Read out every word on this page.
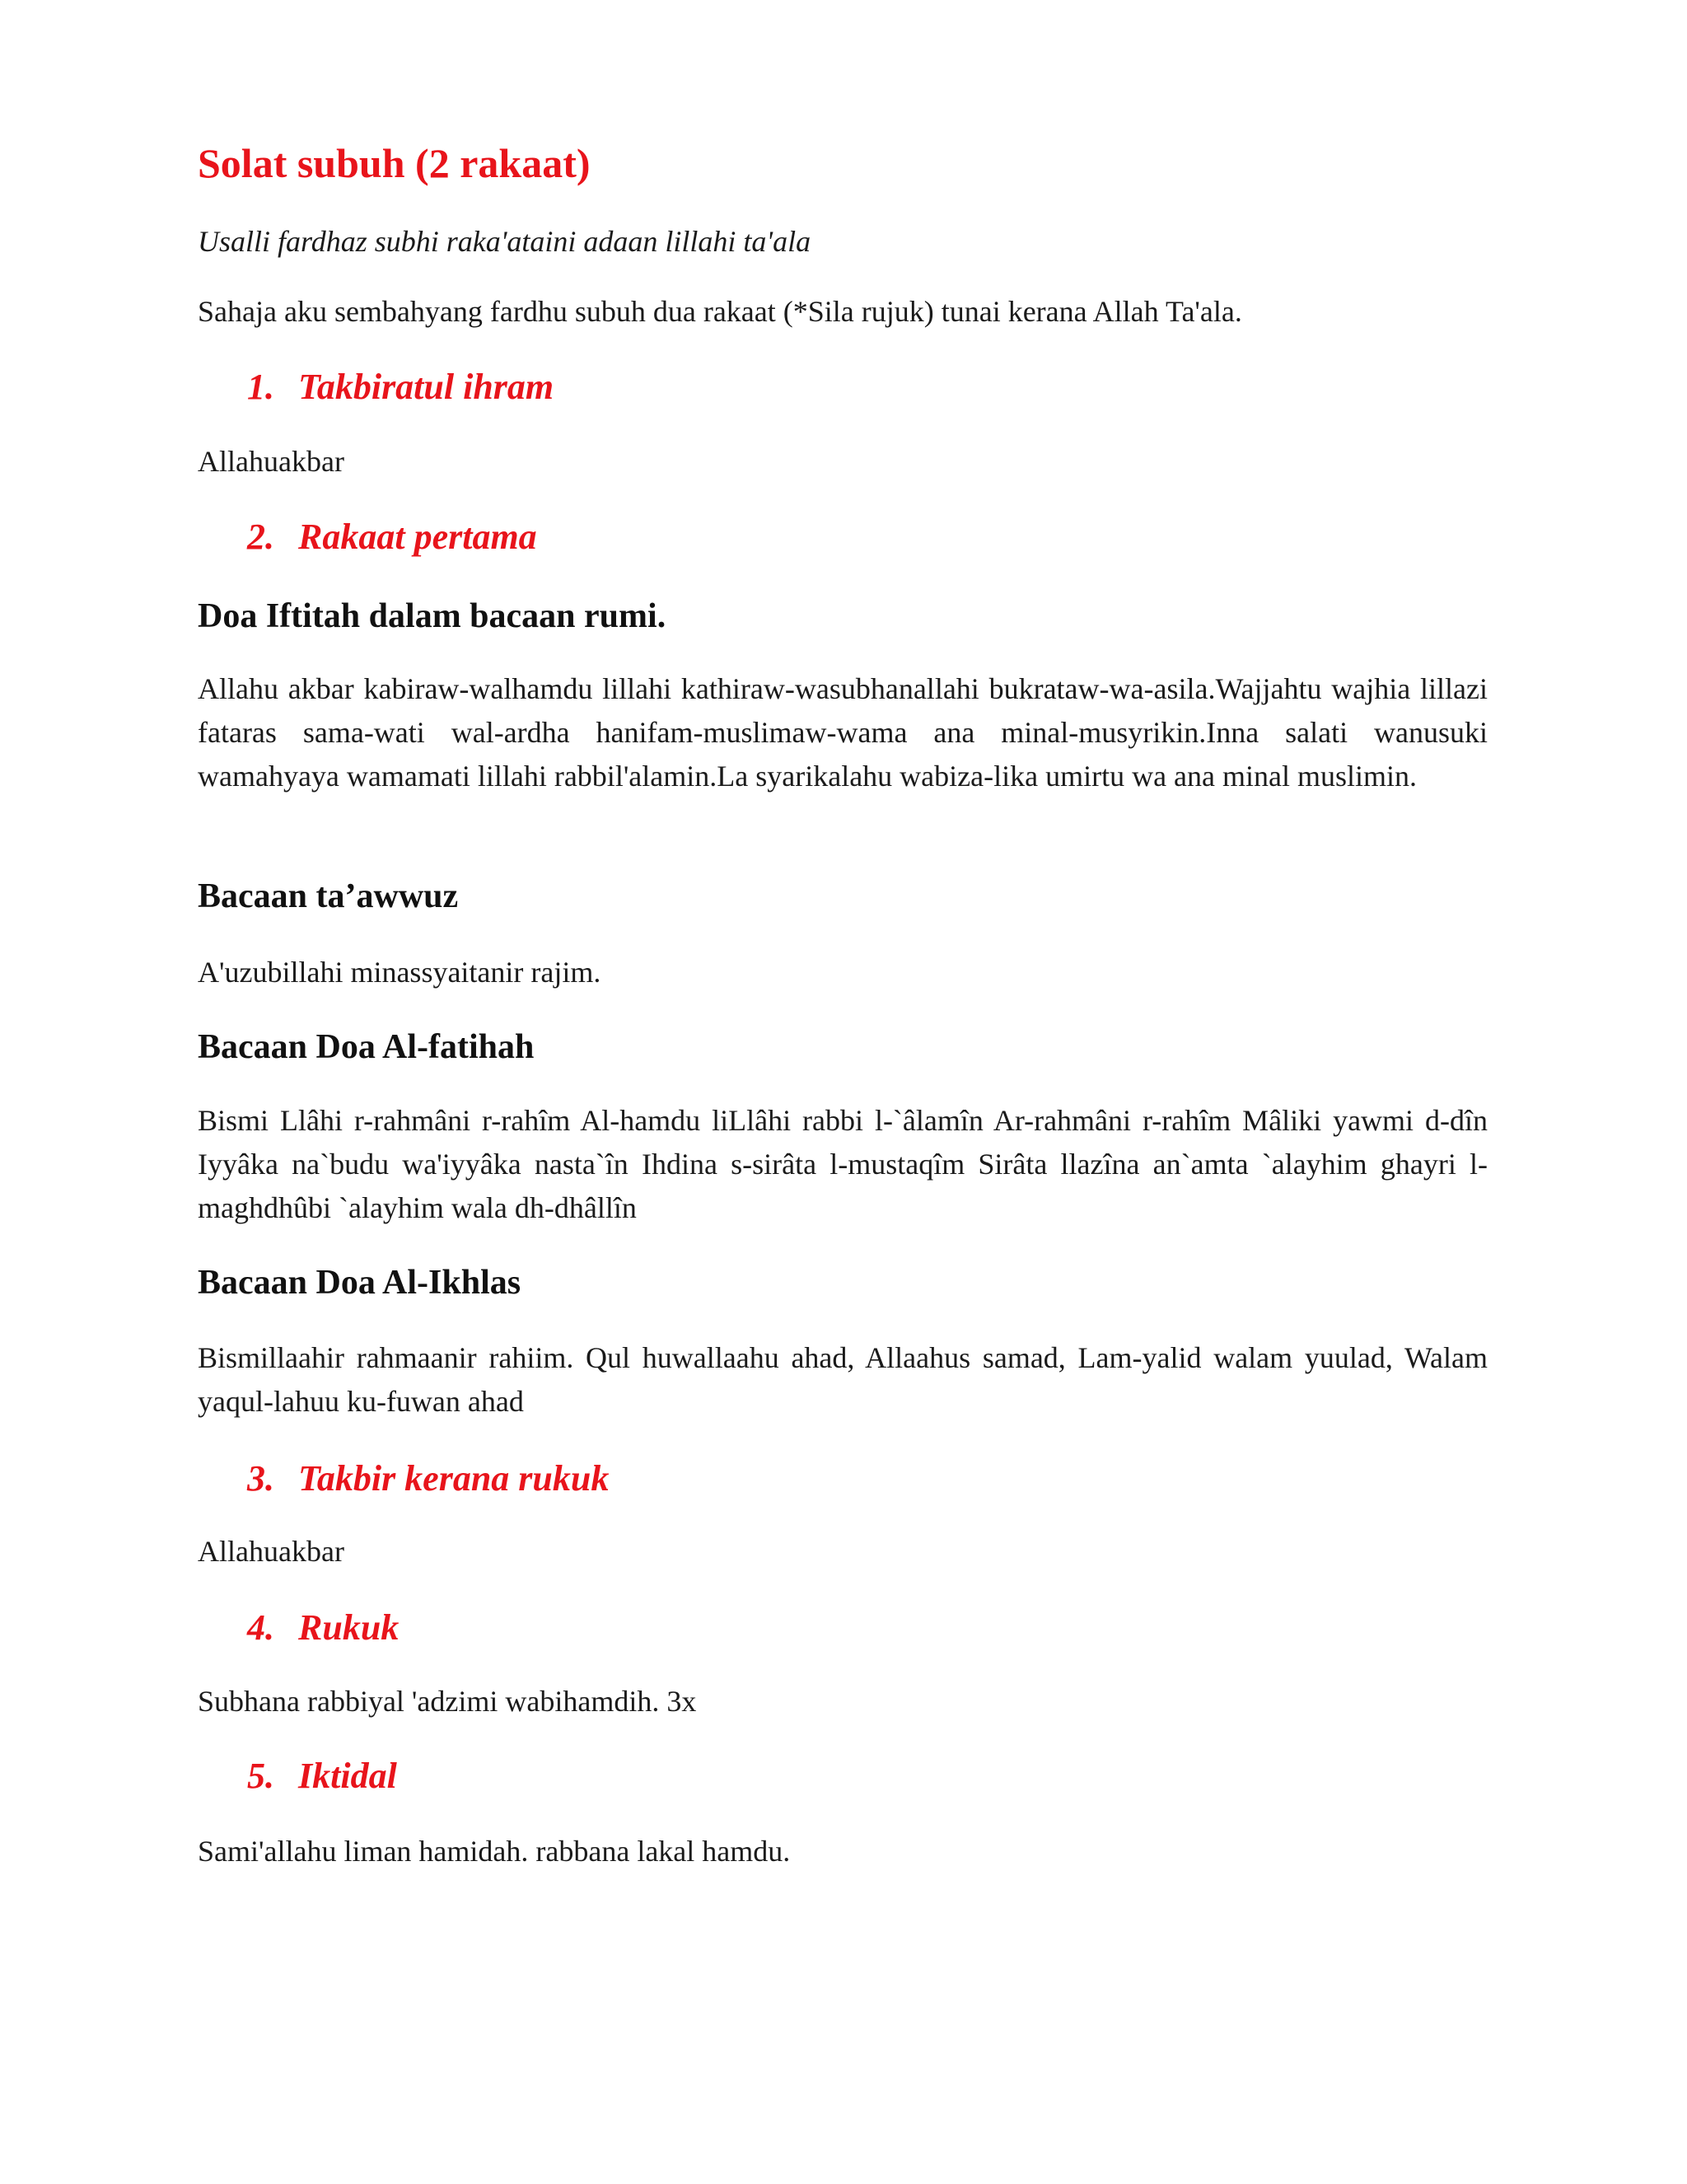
Solat subuh (2 rakaat)

Usalli fardhaz subhi raka'ataini adaan lillahi ta'ala

Sahaja aku sembahyang fardhu subuh dua rakaat (*Sila rujuk) tunai kerana Allah Ta'ala.

1. Takbiratul ihram

Allahuakbar

2. Rakaat pertama
Doa Iftitah dalam bacaan rumi.

Allahu akbar kabiraw-walhamdu lillahi kathiraw-wasubhanallahi bukrataw-wa-asila.Wajjahtu wajhia lillazi fataras sama-wati wal-ardha hanifam-muslimaw-wama ana minal-musyrikin.Inna salati wanusuki wamahyaya wamamati lillahi rabbil'alamin.La syarikalahu wabiza-lika umirtu wa ana minal muslimin.

Bacaan ta’awwuz

A'uzubillahi minassyaitanir rajim.

Bacaan Doa Al-fatihah

Bismi Llâhi r-rahmâni r-rahîm Al-hamdu liLlâhi rabbi l-`âlamîn Ar-rahmâni r-rahîm Mâliki yawmi d-dîn Iyyâka na`budu wa'iyyâka nasta`în Ihdina s-sirâta l-mustaqîm Sirâta llazîna an`amta `alayhim ghayri l-maghdhûbi `alayhim wala dh-dhâllîn

Bacaan Doa Al-Ikhlas

Bismillaahir rahmaanir rahiim. Qul huwallaahu ahad, Allaahus samad, Lam-yalid walam yuulad, Walam yaqul-lahuu ku-fuwan ahad

3. Takbir kerana rukuk

Allahuakbar

4. Rukuk

Subhana rabbiyal 'adzimi wabihamdih. 3x

5. Iktidal

Sami'allahu liman hamidah. rabbana lakal hamdu.
